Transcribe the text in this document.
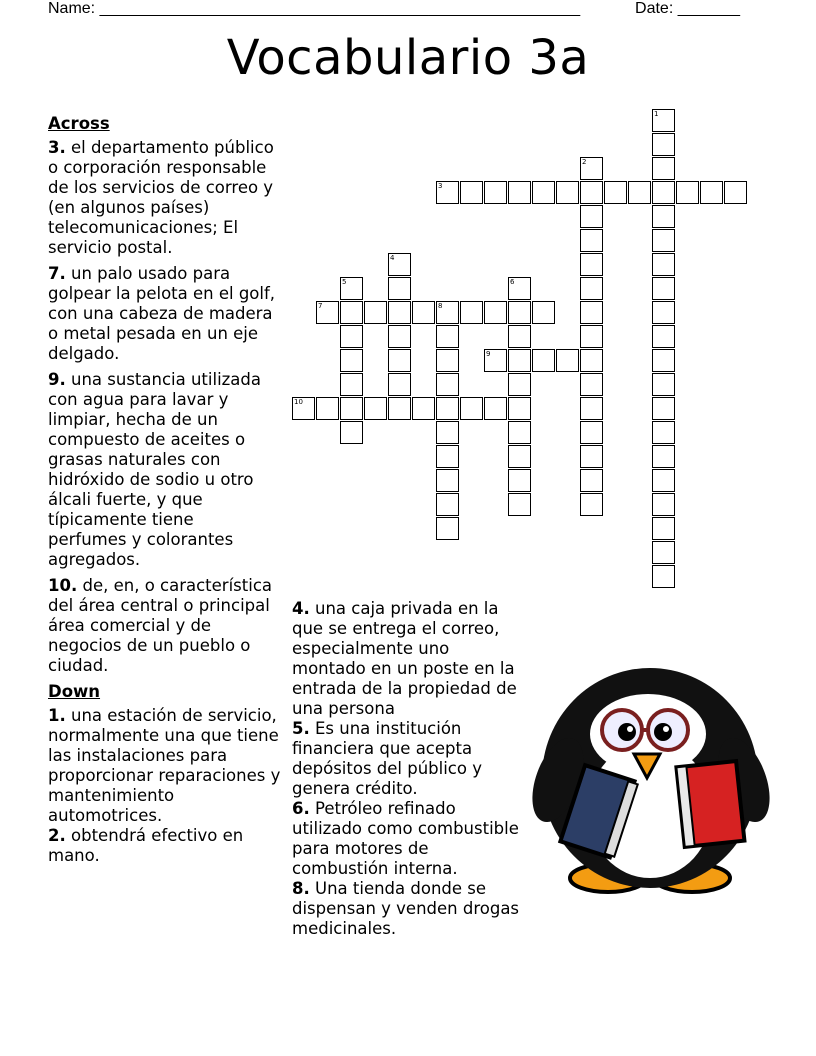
Name: ______________________________________________________	Date: _______
Vocabulario 3a
Across
3. el departamento público o corporación responsable de los servicios de correo y (en algunos países) telecomunicaciones; El servicio postal.
7. un palo usado para golpear la pelota en el golf, con una cabeza de madera o metal pesada en un eje delgado.
9. una sustancia utilizada con agua para lavar y limpiar, hecha de un compuesto de aceites o grasas naturales con hidróxido de sodio u otro álcali fuerte, y que típicamente tiene perfumes y colorantes agregados.
10. de, en, o característica del área central o principal área comercial y de negocios de un pueblo o ciudad.
Down
1. una estación de servicio, normalmente una que tiene las instalaciones para proporcionar reparaciones y mantenimiento automotrices.
2. obtendrá efectivo en mano.
4. una caja privada en la que se entrega el correo, especialmente uno montado en un poste en la entrada de la propiedad de una persona
5. Es una institución financiera que acepta depósitos del público y genera crédito.
6. Petróleo refinado utilizado como combustible para motores de combustión interna.
8. Una tienda donde se dispensan y venden drogas medicinales.
1
2
3
4
5	6
7	8
9
10
